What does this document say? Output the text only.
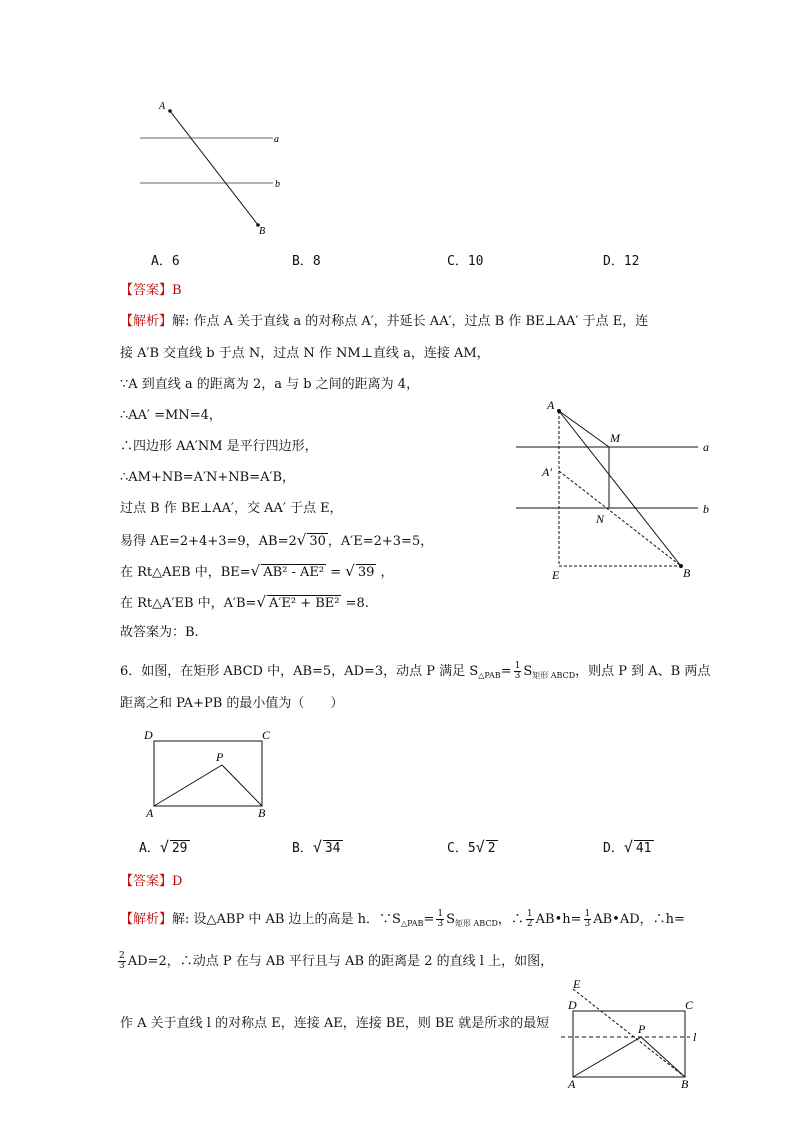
A
B
a
b
A．6	B．8	C．10	D．12
【答案】B
【解析】解: 作点 A 关于直线 a 的对称点 A′，并延长 AA′，过点 B 作 BE⊥AA′ 于点 E，连
接 A′B 交直线 b 于点 N，过点 N 作 NM⊥直线 a，连接 AM，
∵A 到直线 a 的距离为 2，a 与 b 之间的距离为 4，
∴AA′ =MN=4，
∴四边形 AA′NM 是平行四边形，
∴AM+NB=A′N+NB=A′B，
过点 B 作 BE⊥AA′，交 AA′ 于点 E，
易得 AE=2+4+3=9，AB=2√ 30 ，A′E=2+3=5，
在 Rt△AEB 中，BE=√ AB² - AE² = √ 39 ，
在 Rt△A′EB 中，A′B=√ A′E² + BE² =8.
故答案为：B.
A
M
a
A′
N
b
E	B
6．如图，在矩形 ABCD 中，AB=5，AD=3，动点 P 满足 $S_{\triangle PAB}= \frac{1}{3} S_{矩形 ABCD}$，则点 P 到 A、B 两点
距离之和 PA+PB 的最小值为（　　）
D	C
P
A	B
A．√ 29	B．√ 34	C．5√ 2	D．√ 41
【答案】D
【解析】解: 设△ABP 中 AB 边上的高是 h．$\because S_{\triangle PAB}= \frac{1}{3} S_{矩形 ABCD}$，∴ $\frac{1}{2}$ AB•h= $\frac{1}{3}$ AB•AD，∴h=
$\frac{2}{3} AD=2$，∴动点 P 在与 AB 平行且与 AB 的距离是 2 的直线 l 上，如图，
作 A 关于直线 l 的对称点 E，连接 AE，连接 BE，则 BE 就是所求的最短
E
D	C
P
l
A	B
